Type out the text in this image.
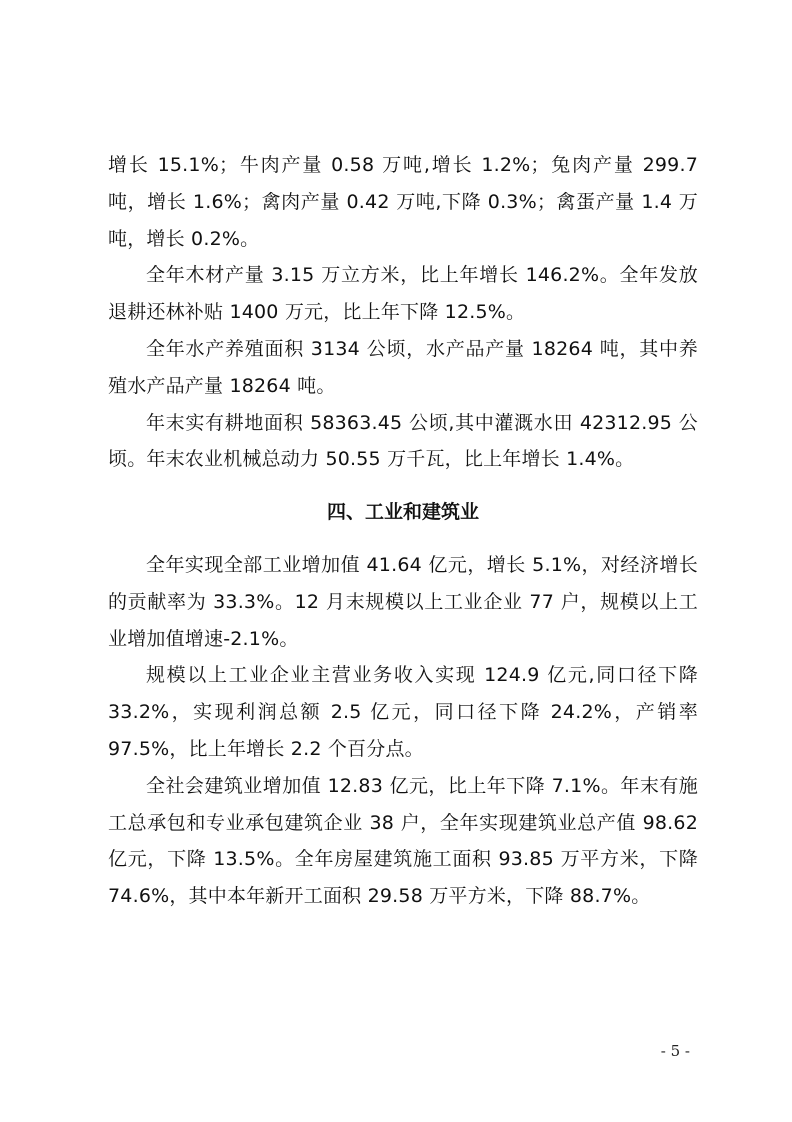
增长 15.1%；牛肉产量 0.58 万吨,增长 1.2%；兔肉产量 299.7 吨，增长 1.6%；禽肉产量 0.42 万吨,下降 0.3%；禽蛋产量 1.4 万吨，增长 0.2%。

全年木材产量 3.15 万立方米，比上年增长 146.2%。全年发放退耕还林补贴 1400 万元，比上年下降 12.5%。

全年水产养殖面积 3134 公顷，水产品产量 18264 吨，其中养殖水产品产量 18264 吨。

年末实有耕地面积 58363.45 公顷,其中灌溉水田 42312.95 公顷。年末农业机械总动力 50.55 万千瓦，比上年增长 1.4%。

四、工业和建筑业

全年实现全部工业增加值 41.64 亿元，增长 5.1%，对经济增长的贡献率为 33.3%。12 月末规模以上工业企业 77 户，规模以上工业增加值增速-2.1%。

规模以上工业企业主营业务收入实现 124.9 亿元,同口径下降 33.2%，实现利润总额 2.5 亿元，同口径下降 24.2%，产销率 97.5%，比上年增长 2.2 个百分点。

全社会建筑业增加值 12.83 亿元，比上年下降 7.1%。年末有施工总承包和专业承包建筑企业 38 户，全年实现建筑业总产值 98.62 亿元，下降 13.5%。全年房屋建筑施工面积 93.85 万平方米，下降 74.6%，其中本年新开工面积 29.58 万平方米，下降 88.7%。

- 5 -
